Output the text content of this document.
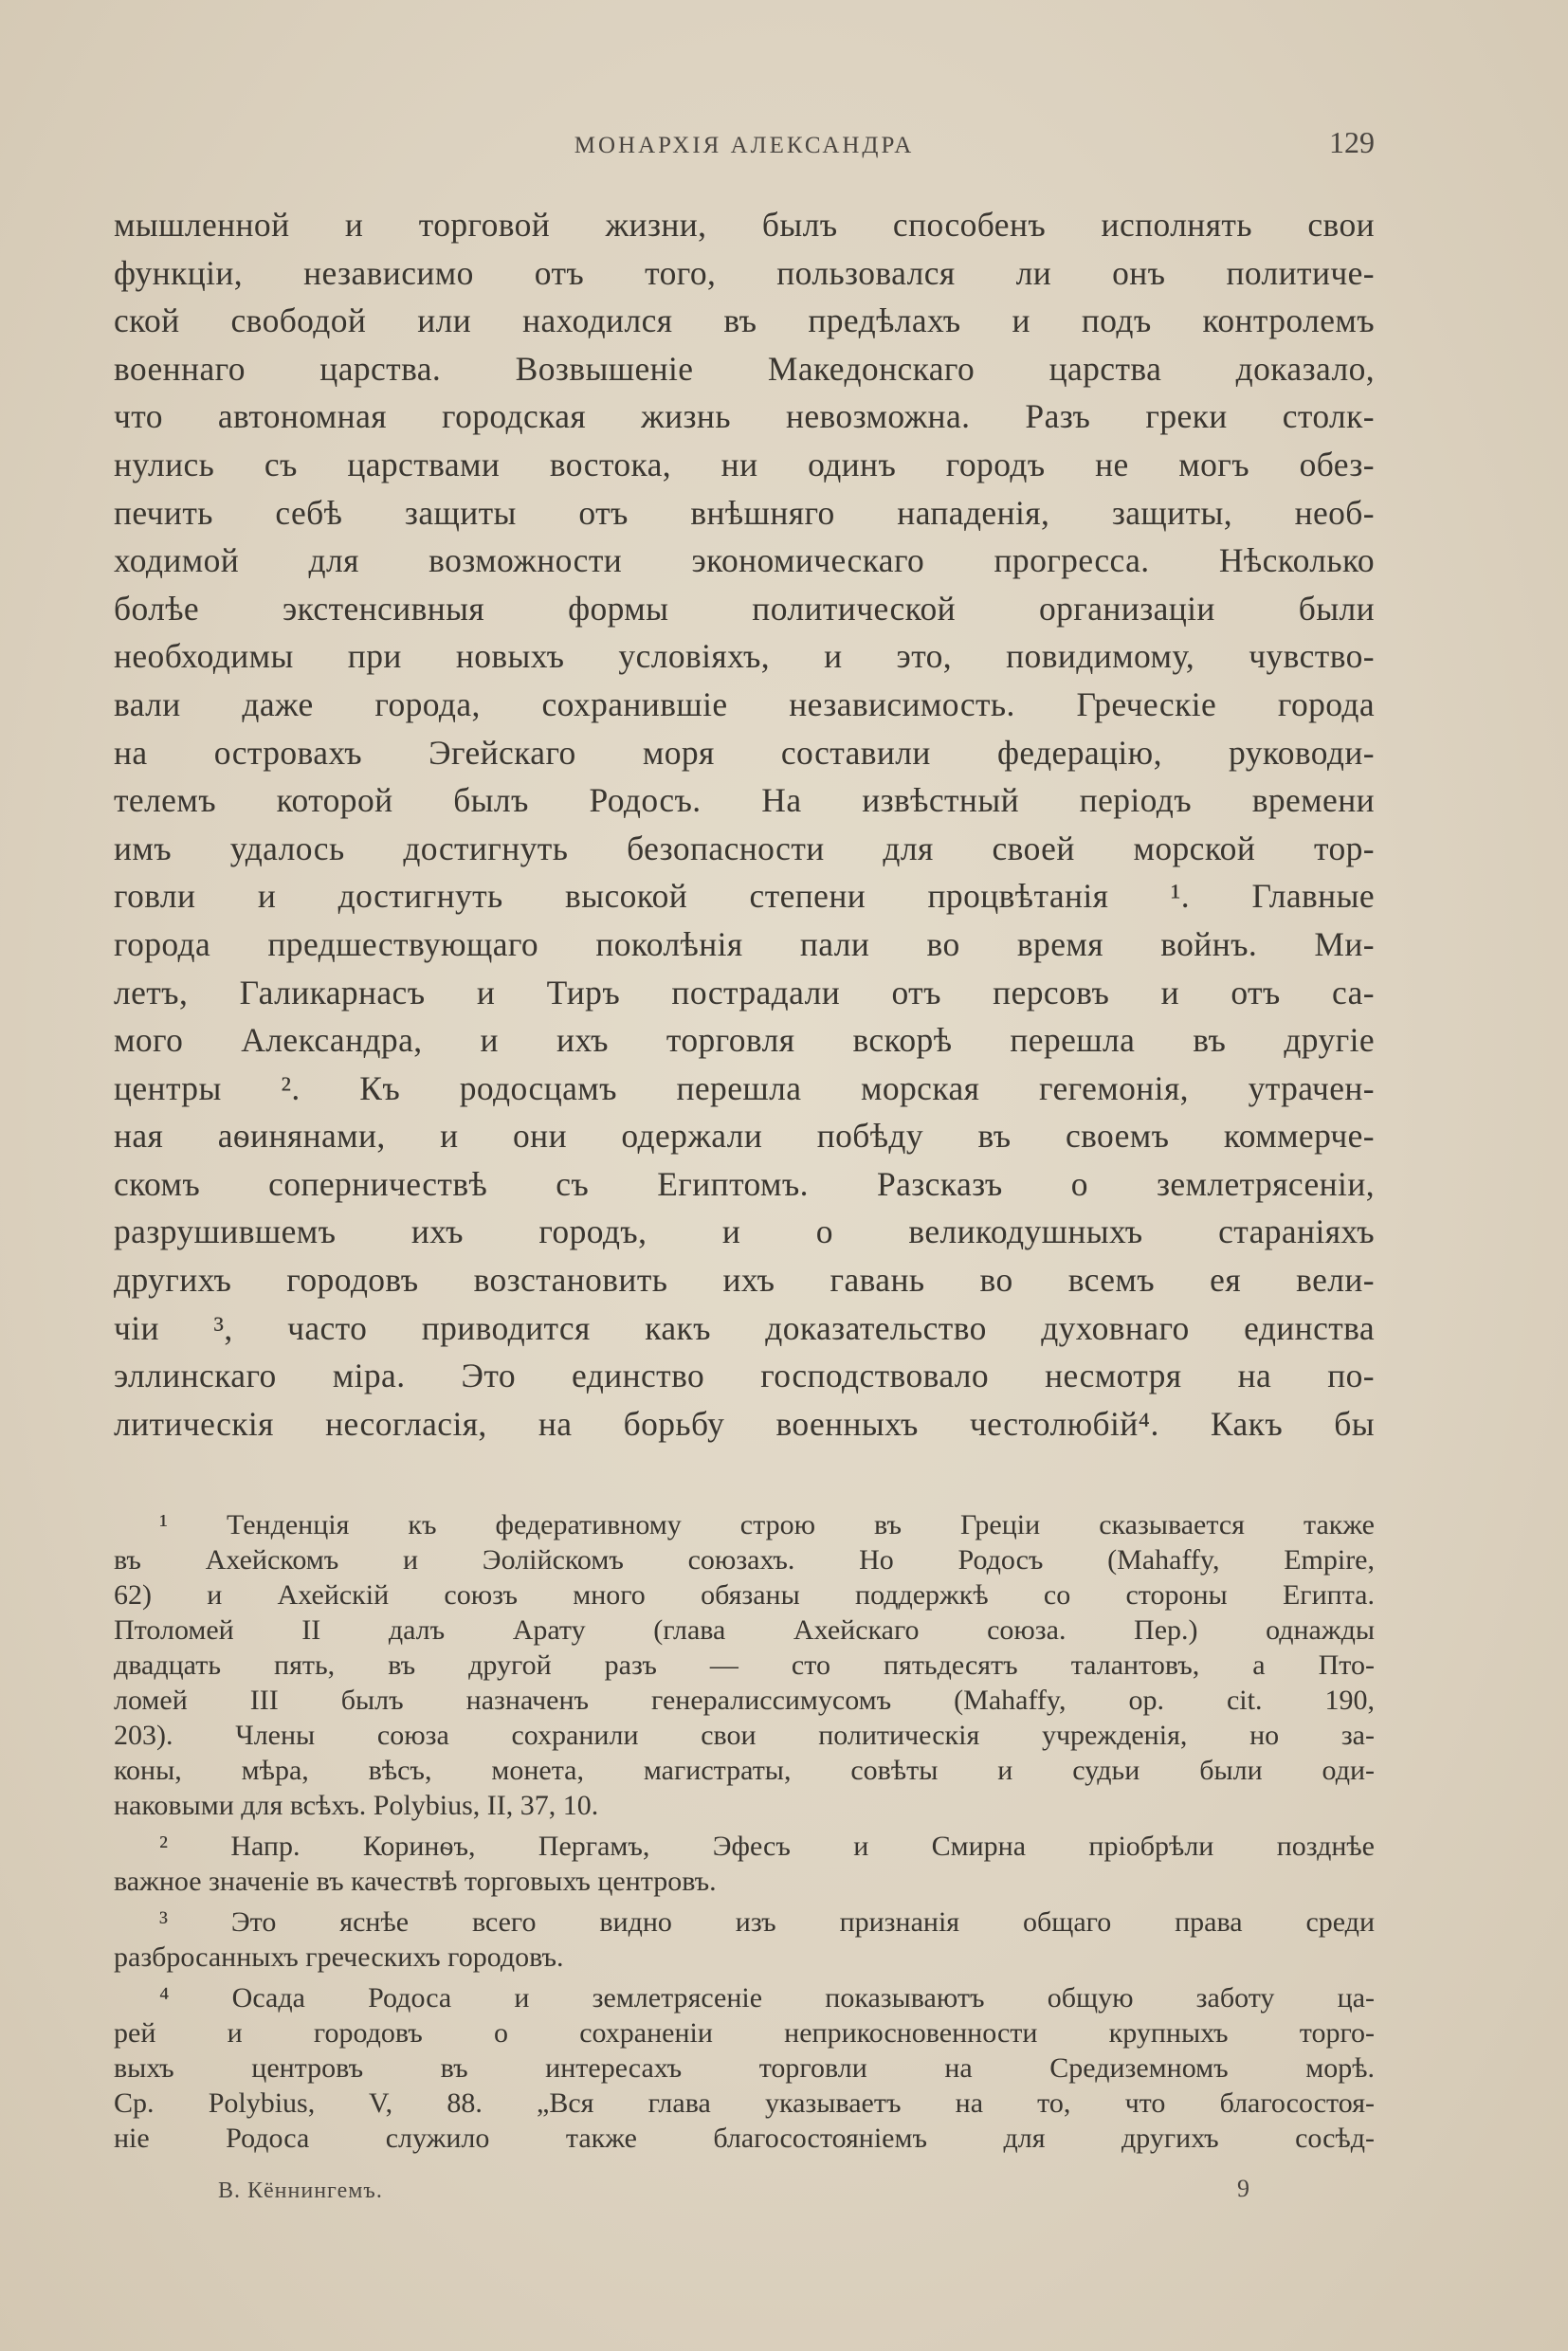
МОНАРХІЯ АЛЕКСАНДРА	129
мышленной и торговой жизни, былъ способенъ исполнять свои
функціи, независимо отъ того, пользовался ли онъ политиче-
ской свободой или находился въ предѣлахъ и подъ контролемъ
военнаго царства. Возвышеніе Македонскаго царства доказало,
что автономная городская жизнь невозможна. Разъ греки столк-
нулись съ царствами востока, ни одинъ городъ не могъ обез-
печить себѣ защиты отъ внѣшняго нападенія, защиты, необ-
ходимой для возможности экономическаго прогресса. Нѣсколько
болѣе экстенсивныя формы политической организаціи были
необходимы при новыхъ условіяхъ, и это, повидимому, чувство-
вали даже города, сохранившіе независимость. Греческіе города
на островахъ Эгейскаго моря составили федерацію, руководи-
телемъ которой былъ Родосъ. На извѣстный періодъ времени
имъ удалось достигнуть безопасности для своей морской тор-
говли и достигнуть высокой степени процвѣтанія ¹. Главные
города предшествующаго поколѣнія пали во время войнъ. Ми-
летъ, Галикарнасъ и Тиръ пострадали отъ персовъ и отъ са-
мого Александра, и ихъ торговля вскорѣ перешла въ другіе
центры ². Къ родосцамъ перешла морская гегемонія, утрачен-
ная аѳинянами, и они одержали побѣду въ своемъ коммерче-
скомъ соперничествѣ съ Египтомъ. Разсказъ о землетрясеніи,
разрушившемъ ихъ городъ, и о великодушныхъ стараніяхъ
другихъ городовъ возстановить ихъ гавань во всемъ ея вели-
чіи ³, часто приводится какъ доказательство духовнаго единства
эллинскаго міра. Это единство господствовало несмотря на по-
литическія несогласія, на борьбу военныхъ честолюбій⁴. Какъ бы
¹ Тенденція къ федеративному строю въ Греціи сказывается также
въ Ахейскомъ и Эолійскомъ союзахъ. Но Родосъ (Mahaffy, Empire,
62) и Ахейскій союзъ много обязаны поддержкѣ со стороны Египта.
Птоломей II далъ Арату (глава Ахейскаго союза. Пер.) однажды
двадцать пять, въ другой разъ — сто пятьдесятъ талантовъ, а Пто-
ломей III былъ назначенъ генералиссимусомъ (Mahaffy, op. cit. 190,
203). Члены союза сохранили свои политическія учрежденія, но за-
коны, мѣра, вѣсъ, монета, магистраты, совѣты и судьи были оди-
наковыми для всѣхъ. Polybius, II, 37, 10.
² Напр. Коринѳъ, Пергамъ, Эфесъ и Смирна пріобрѣли позднѣе
важное значеніе въ качествѣ торговыхъ центровъ.
³ Это яснѣе всего видно изъ признанія общаго права среди
разбросанныхъ греческихъ городовъ.
⁴ Осада Родоса и землетрясеніе показываютъ общую заботу ца-
рей и городовъ о сохраненіи неприкосновенности крупныхъ торго-
выхъ центровъ въ интересахъ торговли на Средиземномъ морѣ.
Ср. Polybius, V, 88. „Вся глава указываетъ на то, что благосостоя-
ніе Родоса служило также благосостояніемъ для другихъ сосѣд-
В. Кённингемъ.	9
